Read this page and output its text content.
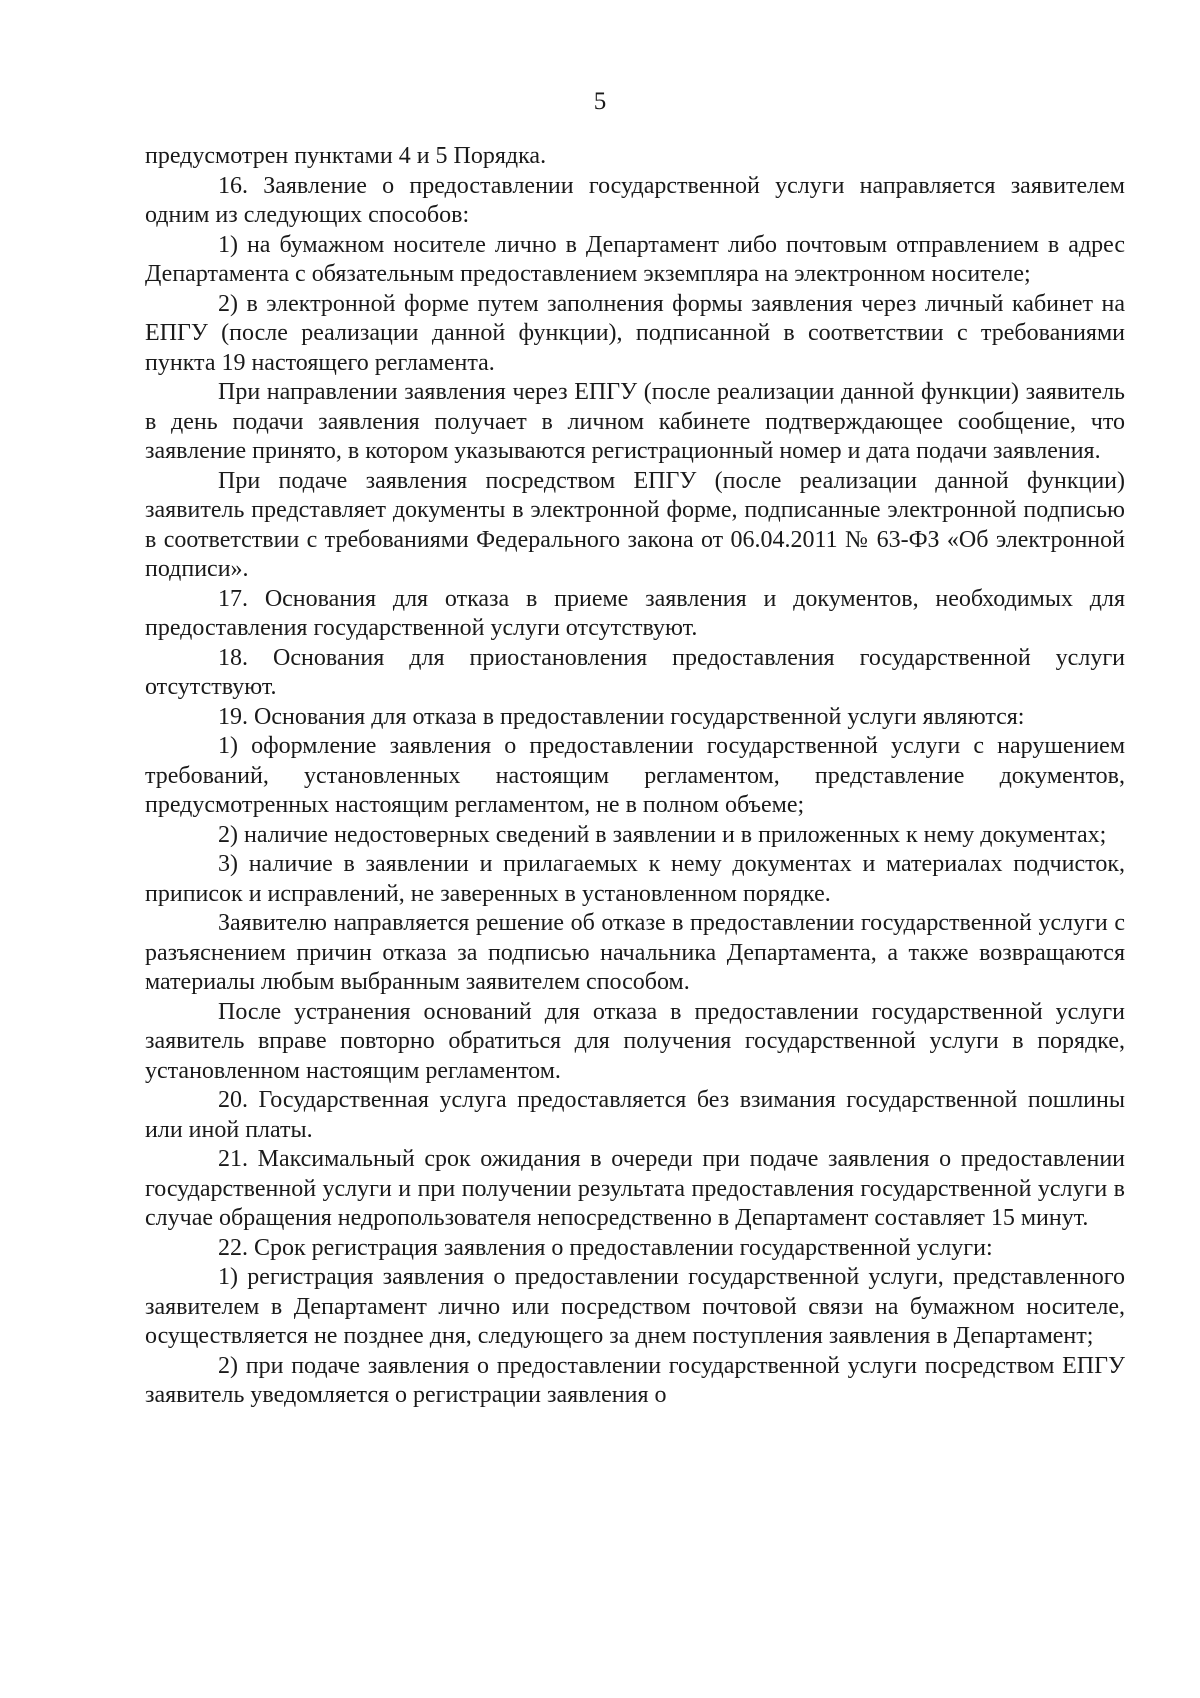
5

предусмотрен пунктами 4 и 5 Порядка.

16. Заявление о предоставлении государственной услуги направляется заявителем одним из следующих способов:

1) на бумажном носителе лично в Департамент либо почтовым отправлением в адрес Департамента с обязательным предоставлением экземпляра на электронном носителе;

2) в электронной форме путем заполнения формы заявления через личный кабинет на ЕПГУ (после реализации данной функции), подписанной в соответствии с требованиями пункта 19 настоящего регламента.

При направлении заявления через ЕПГУ (после реализации данной функции) заявитель в день подачи заявления получает в личном кабинете подтверждающее сообщение, что заявление принято, в котором указываются регистрационный номер и дата подачи заявления.

При подаче заявления посредством ЕПГУ (после реализации данной функции) заявитель представляет документы в электронной форме, подписанные электронной подписью в соответствии с требованиями Федерального закона от 06.04.2011 № 63-ФЗ «Об электронной подписи».

17. Основания для отказа в приеме заявления и документов, необходимых для предоставления государственной услуги отсутствуют.

18. Основания для приостановления предоставления государственной услуги отсутствуют.

19. Основания для отказа в предоставлении государственной услуги являются:

1) оформление заявления о предоставлении государственной услуги с нарушением требований, установленных настоящим регламентом, представление документов, предусмотренных настоящим регламентом, не в полном объеме;

2) наличие недостоверных сведений в заявлении и в приложенных к нему документах;

3) наличие в заявлении и прилагаемых к нему документах и материалах подчисток, приписок и исправлений, не заверенных в установленном порядке.

Заявителю направляется решение об отказе в предоставлении государственной услуги с разъяснением причин отказа за подписью начальника Департамента, а также возвращаются материалы любым выбранным заявителем способом.

После устранения оснований для отказа в предоставлении государственной услуги заявитель вправе повторно обратиться для получения государственной услуги в порядке, установленном настоящим регламентом.

20. Государственная услуга предоставляется без взимания государственной пошлины или иной платы.

21. Максимальный срок ожидания в очереди при подаче заявления о предоставлении государственной услуги и при получении результата предоставления государственной услуги в случае обращения недропользователя непосредственно в Департамент составляет 15 минут.

22. Срок регистрация заявления о предоставлении государственной услуги:

1) регистрация заявления о предоставлении государственной услуги, представленного заявителем в Департамент лично или посредством почтовой связи на бумажном носителе, осуществляется не позднее дня, следующего за днем поступления заявления в Департамент;

2) при подаче заявления о предоставлении государственной услуги посредством ЕПГУ заявитель уведомляется о регистрации заявления о
